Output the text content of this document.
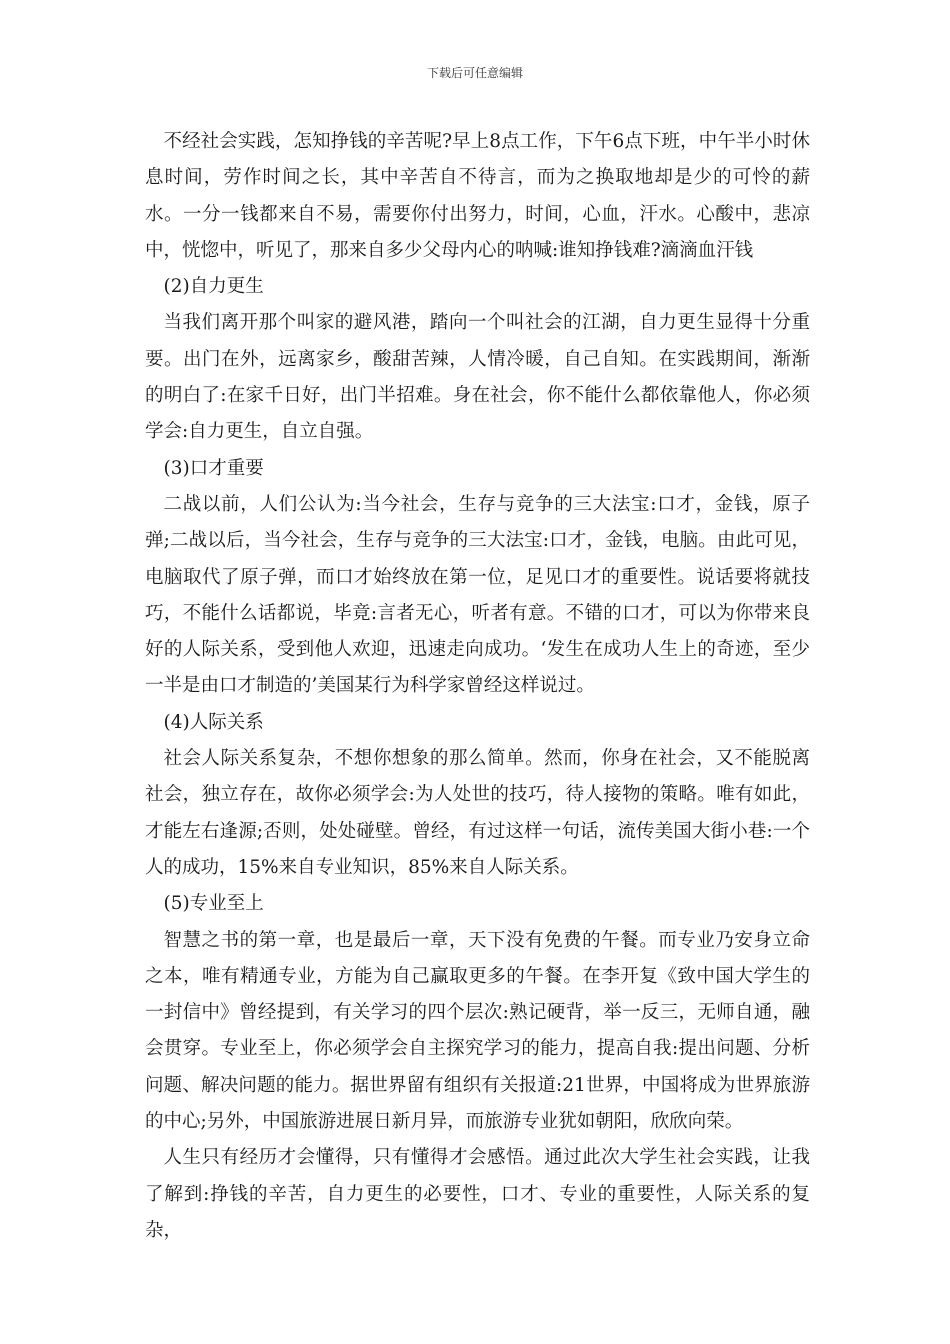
下载后可任意编辑

不经社会实践，怎知挣钱的辛苦呢?早上8点工作，下午6点下班，中午半小时休息时间，劳作时间之长，其中辛苦自不待言，而为之换取地却是少的可怜的薪水。一分一钱都来自不易，需要你付出努力，时间，心血，汗水。心酸中，悲凉中，恍惚中，听见了，那来自多少父母内心的呐喊:谁知挣钱难?滴滴血汗钱

(2)自力更生

当我们离开那个叫家的避风港，踏向一个叫社会的江湖，自力更生显得十分重要。出门在外，远离家乡，酸甜苦辣，人情冷暖，自己自知。在实践期间，渐渐的明白了:在家千日好，出门半招难。身在社会，你不能什么都依靠他人，你必须学会:自力更生，自立自强。

(3)口才重要

二战以前，人们公认为:当今社会，生存与竞争的三大法宝:口才，金钱，原子弹;二战以后，当今社会，生存与竞争的三大法宝:口才，金钱，电脑。由此可见，电脑取代了原子弹，而口才始终放在第一位，足见口才的重要性。说话要将就技巧，不能什么话都说，毕竟:言者无心，听者有意。不错的口才，可以为你带来良好的人际关系，受到他人欢迎，迅速走向成功。‘发生在成功人生上的奇迹，至少一半是由口才制造的’美国某行为科学家曾经这样说过。

(4)人际关系

社会人际关系复杂，不想你想象的那么简单。然而，你身在社会，又不能脱离社会，独立存在，故你必须学会:为人处世的技巧，待人接物的策略。唯有如此，才能左右逢源;否则，处处碰壁。曾经，有过这样一句话，流传美国大街小巷:一个人的成功，15%来自专业知识，85%来自人际关系。

(5)专业至上

智慧之书的第一章，也是最后一章，天下没有免费的午餐。而专业乃安身立命之本，唯有精通专业，方能为自己赢取更多的午餐。在李开复《致中国大学生的一封信中》曾经提到，有关学习的四个层次:熟记硬背，举一反三，无师自通，融会贯穿。专业至上，你必须学会自主探究学习的能力，提高自我:提出问题、分析问题、解决问题的能力。据世界留有组织有关报道:21世界，中国将成为世界旅游的中心;另外，中国旅游进展日新月异，而旅游专业犹如朝阳，欣欣向荣。

人生只有经历才会懂得，只有懂得才会感悟。通过此次大学生社会实践，让我了解到:挣钱的辛苦，自力更生的必要性，口才、专业的重要性，人际关系的复杂，
